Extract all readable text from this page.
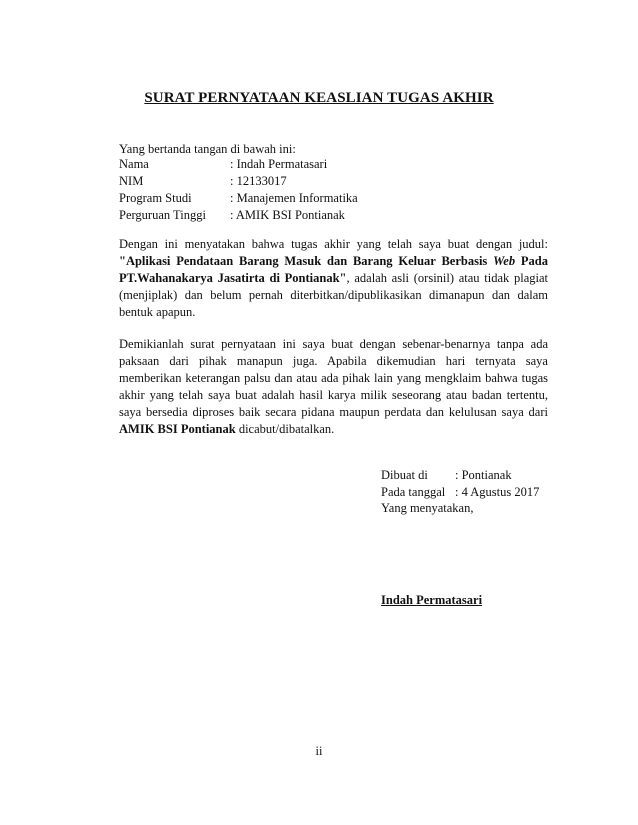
SURAT PERNYATAAN KEASLIAN TUGAS AKHIR
Yang bertanda tangan di bawah ini:
Nama	: Indah Permatasari
NIM	: 12133017
Program Studi	: Manajemen Informatika
Perguruan Tinggi	: AMIK BSI Pontianak
Dengan ini menyatakan bahwa tugas akhir yang telah saya buat dengan judul: "Aplikasi Pendataan Barang Masuk dan Barang Keluar Berbasis Web Pada PT.Wahanakarya Jasatirta di Pontianak", adalah asli (orsinil) atau tidak plagiat (menjiplak) dan belum pernah diterbitkan/dipublikasikan dimanapun dan dalam bentuk apapun.
Demikianlah surat pernyataan ini saya buat dengan sebenar-benarnya tanpa ada paksaan dari pihak manapun juga. Apabila dikemudian hari ternyata saya memberikan keterangan palsu dan atau ada pihak lain yang mengklaim bahwa tugas akhir yang telah saya buat adalah hasil karya milik seseorang atau badan tertentu, saya bersedia diproses baik secara pidana maupun perdata dan kelulusan saya dari AMIK BSI Pontianak dicabut/dibatalkan.
Dibuat di	: Pontianak
Pada tanggal	: 4 Agustus 2017
Yang menyatakan,
Indah Permatasari
ii
